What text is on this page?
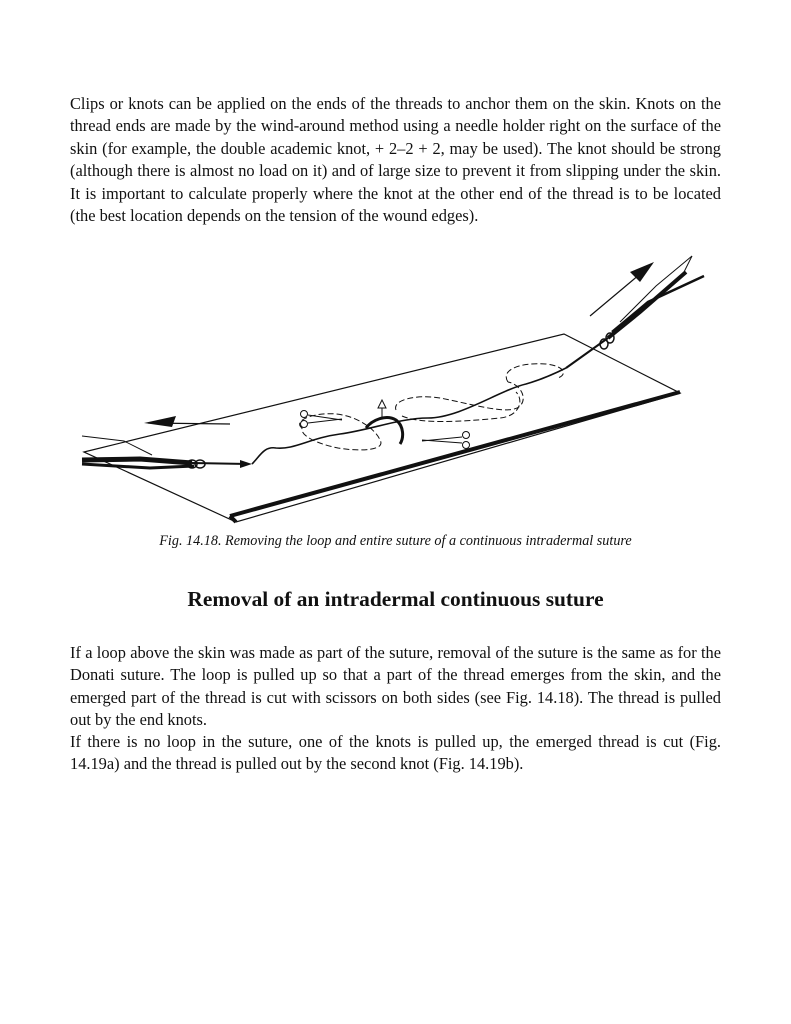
Clips or knots can be applied on the ends of the threads to anchor them on the skin. Knots on the thread ends are made by the wind-around method using a needle holder right on the surface of the skin (for example, the double academic knot, + 2–2 + 2, may be used). The knot should be strong (although there is almost no load on it) and of large size to prevent it from slipping under the skin. It is important to calculate properly where the knot at the other end of the thread is to be located (the best location depends on the tension of the wound edges).

Fig. 14.18. Removing the loop and entire suture of a continuous intradermal suture

Removal of an intradermal continuous suture

If a loop above the skin was made as part of the suture, removal of the suture is the same as for the Donati suture. The loop is pulled up so that a part of the thread emerges from the skin, and the emerged part of the thread is cut with scissors on both sides (see Fig. 14.18). The thread is pulled out by the end knots.

If there is no loop in the suture, one of the knots is pulled up, the emerged thread is cut (Fig. 14.19a) and the thread is pulled out by the second knot (Fig. 14.19b).
